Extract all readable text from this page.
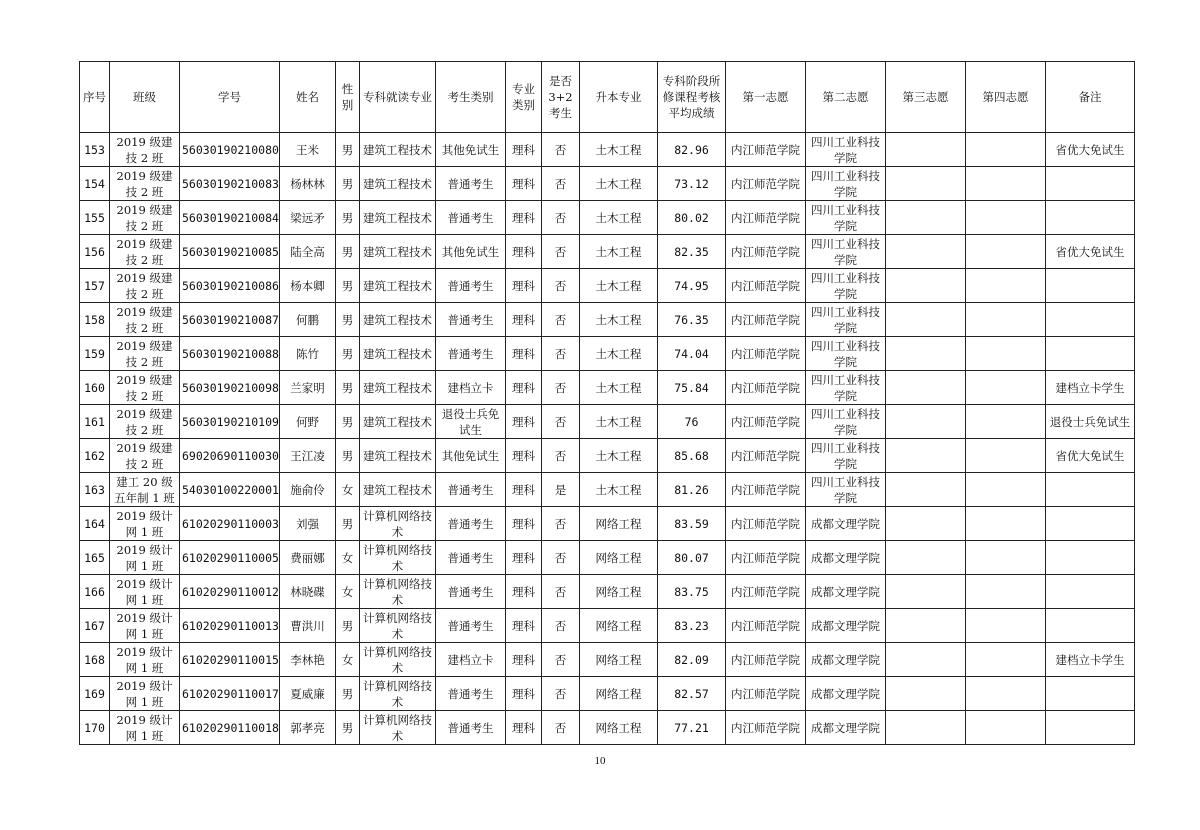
序号	班级	学号	姓名	性别	专科就读专业	考生类别	专业类别	是否3+2考生	升本专业	专科阶段所修课程考核平均成绩	第一志愿	第二志愿	第三志愿	第四志愿	备注
153	2019 级建技 2 班	56030190210080	王米	男	建筑工程技术	其他免试生	理科	否	土木工程	82.96	内江师范学院	四川工业科技学院			省优大免试生
154	2019 级建技 2 班	56030190210083	杨林林	男	建筑工程技术	普通考生	理科	否	土木工程	73.12	内江师范学院	四川工业科技学院			
155	2019 级建技 2 班	56030190210084	梁远矛	男	建筑工程技术	普通考生	理科	否	土木工程	80.02	内江师范学院	四川工业科技学院			
156	2019 级建技 2 班	56030190210085	陆全高	男	建筑工程技术	其他免试生	理科	否	土木工程	82.35	内江师范学院	四川工业科技学院			省优大免试生
157	2019 级建技 2 班	56030190210086	杨本卿	男	建筑工程技术	普通考生	理科	否	土木工程	74.95	内江师范学院	四川工业科技学院			
158	2019 级建技 2 班	56030190210087	何鹏	男	建筑工程技术	普通考生	理科	否	土木工程	76.35	内江师范学院	四川工业科技学院			
159	2019 级建技 2 班	56030190210088	陈竹	男	建筑工程技术	普通考生	理科	否	土木工程	74.04	内江师范学院	四川工业科技学院			
160	2019 级建技 2 班	56030190210098	兰家明	男	建筑工程技术	建档立卡	理科	否	土木工程	75.84	内江师范学院	四川工业科技学院			建档立卡学生
161	2019 级建技 2 班	56030190210109	何野	男	建筑工程技术	退役士兵免试生	理科	否	土木工程	76	内江师范学院	四川工业科技学院			退役士兵免试生
162	2019 级建技 2 班	69020690110030	王江凌	男	建筑工程技术	其他免试生	理科	否	土木工程	85.68	内江师范学院	四川工业科技学院			省优大免试生
163	建工 20 级五年制 1 班	54030100220001	施俞伶	女	建筑工程技术	普通考生	理科	是	土木工程	81.26	内江师范学院	四川工业科技学院			
164	2019 级计网 1 班	61020290110003	刘强	男	计算机网络技术	普通考生	理科	否	网络工程	83.59	内江师范学院	成都文理学院			
165	2019 级计网 1 班	61020290110005	费丽娜	女	计算机网络技术	普通考生	理科	否	网络工程	80.07	内江师范学院	成都文理学院			
166	2019 级计网 1 班	61020290110012	林晓碟	女	计算机网络技术	普通考生	理科	否	网络工程	83.75	内江师范学院	成都文理学院			
167	2019 级计网 1 班	61020290110013	曹洪川	男	计算机网络技术	普通考生	理科	否	网络工程	83.23	内江师范学院	成都文理学院			
168	2019 级计网 1 班	61020290110015	李林艳	女	计算机网络技术	建档立卡	理科	否	网络工程	82.09	内江师范学院	成都文理学院			建档立卡学生
169	2019 级计网 1 班	61020290110017	夏威廉	男	计算机网络技术	普通考生	理科	否	网络工程	82.57	内江师范学院	成都文理学院			
170	2019 级计网 1 班	61020290110018	郭孝亮	男	计算机网络技术	普通考生	理科	否	网络工程	77.21	内江师范学院	成都文理学院			
10
